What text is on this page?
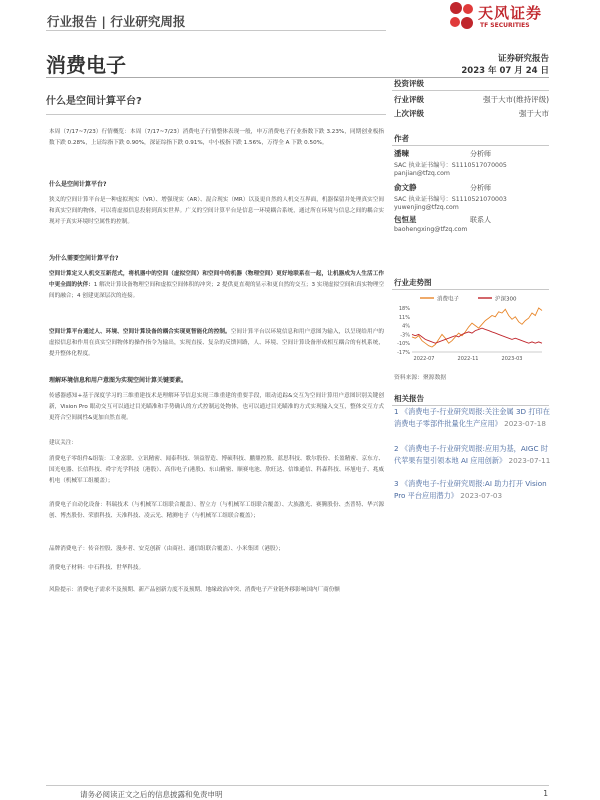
行业报告 | 行业研究周报	天风证券
TF SECURITIES
消费电子	证券研究报告
2023 年 07 月 24 日
什么是空间计算平台?
本周（7/17~7/23）行情概览：本周（7/17~7/23）消费电子行情整体表现一般，申万消费电子行业指数下跌 3.23%，同期创业板指数下跌 0.28%，上证综指下跌 0.90%，深证综指下跌 0.91%，中小板指下跌 1.56%，万得全 A 下跌 0.50%。
什么是空间计算平台?
狭义的空间计算平台是一种虚拟现实（VR）、增强现实（AR）、混合现实（MR）以及更自然的人机交互界面，机器保留并处理真实空间和真实空间的物体，可以将虚拟信息投射到真实世界。广义的空间计算平台是信息一环境耦合系统，通过所在环境与信息之间的耦合实现对于真实环境时空属性的控制。
为什么需要空间计算平台?
空间计算定义人机交互新范式，将机器中的空间（虚拟空间）和空间中的机器（物理空间）更好地联系在一起，让机器成为人生活工作中更全面的伙伴：1 解决计算设备物理空间和虚拟空间体积的冲突；2 提供更直观的显示和更自然的交互；3 实现虚拟空间和真实物理空间的融合；4 创建更深层次的连接。
空间计算平台通过人、环境、空间计算设备的耦合实现更智能化的控制。空间计算平台以环境信息和用户意图为输入，以呈现给用户的虚拟信息和作用在真实空间物体的操作指令为输出，实现直接、复杂的反馈回路，人、环境、空间计算设备形成相互耦合的有机系统，提升整体化程度。
理解环境信息和用户意图为实现空间计算关键要素。
传感器感知+基于深度学习的三维重建技术是理解环节信息实现三维重建的重要手段，眼动追踪&交互为空间计算用户意图识别关键创新，Vision Pro 眼动交互可以通过目光瞄准和手势确认的方式控制远处物体，也可以通过目光瞄准的方式实现输入交互，整体交互方式更符合空间属性&更加自然直观。
建议关注：
消费电子零组件&组装：工业富联、立讯精密、闻泰科技、领益智造、博硕科技、鹏鼎控股、蓝思科技、歌尔股份、长盈精密、京东方、国光电器、长信科技、舜宇光学科技（港股）、高伟电子(港股)、东山精密、顺赛电池、欣旺达、信维通信、科森科技、环旭电子、兆威机电（机械军工组覆盖）；
消费电子自动化设备：科瑞技术（与机械军工组联合覆盖）、智立方（与机械军工组联合覆盖）、大族激光、赛腾股份、杰普特、华兴源创、博杰股份、荣旗科技、天准科技、凌云光、精测电子（与机械军工组联合覆盖）；
品牌消费电子：传音控股、漫步者、安克创新（由商社、通信组联合覆盖）、小米集团（港股）；
消费电子材料：中石科技、世华科技。
风险提示：消费电子需求不及预期、新产品创新力度不及预期、地缘政治冲突、消费电子产业链外移影响国内厂商份额
投资评级
行业评级	强于大市(维持评级)
上次评级	强于大市
作者
潘暕	分析师
SAC 执业证书编号：S1110517070005
panjian@tfzq.com
俞文静	分析师
SAC 执业证书编号：S1110521070003
yuwenjing@tfzq.com
包恒星	联系人
baohengxing@tfzq.com
行业走势图
消费电子	沪深300
18%
11%
4%
-3%
-10%
-17%
2022-07	2022-11	2023-03
资料来源：聚源数据
相关报告
1 《消费电子-行业研究周报:关注金属 3D 打印在消费电子零部件批量化生产应用》 2023-07-18
2 《消费电子-行业研究周报:应用为基，AIGC 时代苹果有望引领本地 AI 应用创新》 2023-07-11
3 《消费电子-行业研究周报:AI 助力打开 Vision Pro 平台应用潜力》 2023-07-03
请务必阅读正文之后的信息披露和免责申明	1
